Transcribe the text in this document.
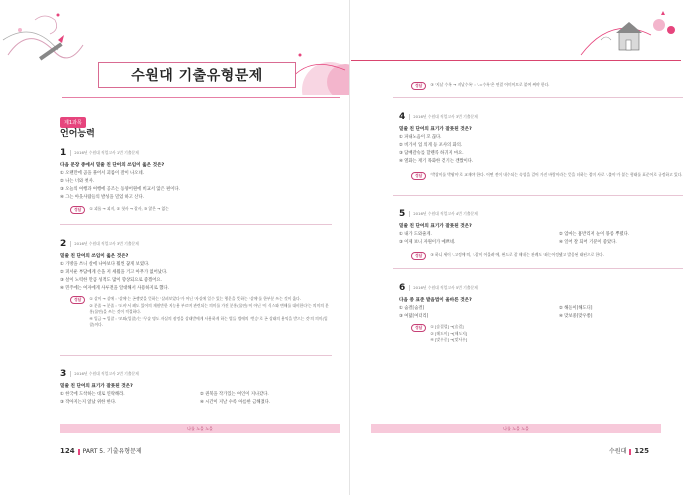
수원대 기출유형문제
제1과목
언어능력
1 2016년 수원대 직업고사 1번 기출문제
다음 문장 중에서 밑줄 친 단어의 쓰임이 옳은 것은?
① 오랜만에 곰을 풀어서 괴롭이 잘이 나오네.
② 나는 너와 첫사.
③ 오늘의 여행과 여행에 공조는 동양어원에 비교서 않은 편이다.
④ 그는 아웃사람들의 발성을 밀었 하고 산다.
정답	① 괴롭 → 괴지, ② 첫사 → 잘사, ③ 않은 → 없는
2 2016년 수원대 직업고사 3번 기출문제
밑줄 친 단어의 쓰임이 옳은 것은?
① 가방을 쓰니 살에 나아보다 훨씬 꿈게 보였다.
② 퍼서운 부담에게 손을 저 세월을 거고 아무가 없어났다.
③ 살이 노력한 만큼 성적도 많이 향상되으로 좋겠어요.
④ 민주에는 여자에게 사루전을 알대해서 사용하지로 했다.
정답	① 살이 → 살에 : '살에'는 곤쟁맞을 뜻하는 '살펴보았다'가 어닌 '자실에 일수 있는 행운을 뜻하는 '살에'를 한부분 쓰는 것이 옳다.
② 분줄 → 분줄 : '도비'서 폐도 있어의 재원만한 지능용 부르며 관련되는 의미를 가진 분홍(몰연)'이 아닌 '이 식스와 변해를 대비한다'는 의미의 분홍(몰연)을 쓰는 것이 적절하다.
④ 입금 → 입찰 : '모와(입찰)'는 '무술 명도 자실의 잠정을 상태받에게 사용하게 하는 법들 법에의 '번승'로 곤 상태의 용익을 받으는 것'의 의미(입찰)이다.
3 2016년 수원대 직업고사 2번 기출문제
밑줄 친 단어의 표기가 잘못된 것은?
① 한국에 도착하는 대로 연락해라.	② 퀸북을 작가있는 여인이 지나갔다.
③ 작아지는지 앉났 위한 한다.	④ 시간이 지날 수록 아름한 금해졌다.
나를 노을 노을
124 PART 5. 기출유형문제
정답	③ '지날 수록 → 지날수록' : '-=수록'은 연결 어미이므로 붙여 써야 한다.
4 2016년 수원대 직업고사 3번 기출문제
밑줄 친 단어의 표기가 잘못된 것은?
① 파내노음이 꼬 끊다.
② 비가서 업 의게 등 포사의 화의.
③ 담배갈슈를 할렌콕 하귀지 마요.
④ 열화는 재기 목화한 걷기는 깬짰이다.
정답	'박창이를 박왕이'로 교재야 한다. 어떤 전이 내수되는 속성을 걸어 가진 바람이라는 뜻을 더하는 접미 사로 '-졸이'가 붙는 형태를 표준어로 규정하고 있다.
5 2016년 수원대 직업고사 4번 기출문제
밑줄 친 단어의 표기가 잘못된 것은?
① 내가 도와줄게.	② 엄마는 흉반리저 눈이 몽롱 뿌렸다.
③ 이제 보니 자원이가 예쁘네.	④ 일어 잘 되어 기분이 좋았다.
정답	③ 하니 세이 '-고정에'의, '-잘이 어울려'에, 왼드로 잘 해내는 관례도 '좌는어정됐고 발음된 태된으로 한다.
6 2016년 수원대 직업고사 5번 기출문제
다음 중 표준 발음법이 올바른 것은?
① 숨결[숨결]	② 해돋이[해도디]
③ 여덟[여더리]	④ 맞보중[맞우쫑]
정답	① [숨결렬] →[숨결]
② [헤도이] →[해도지]
④ [맞우중] →[맞사우]
나를 노을 노을
수원대 125
